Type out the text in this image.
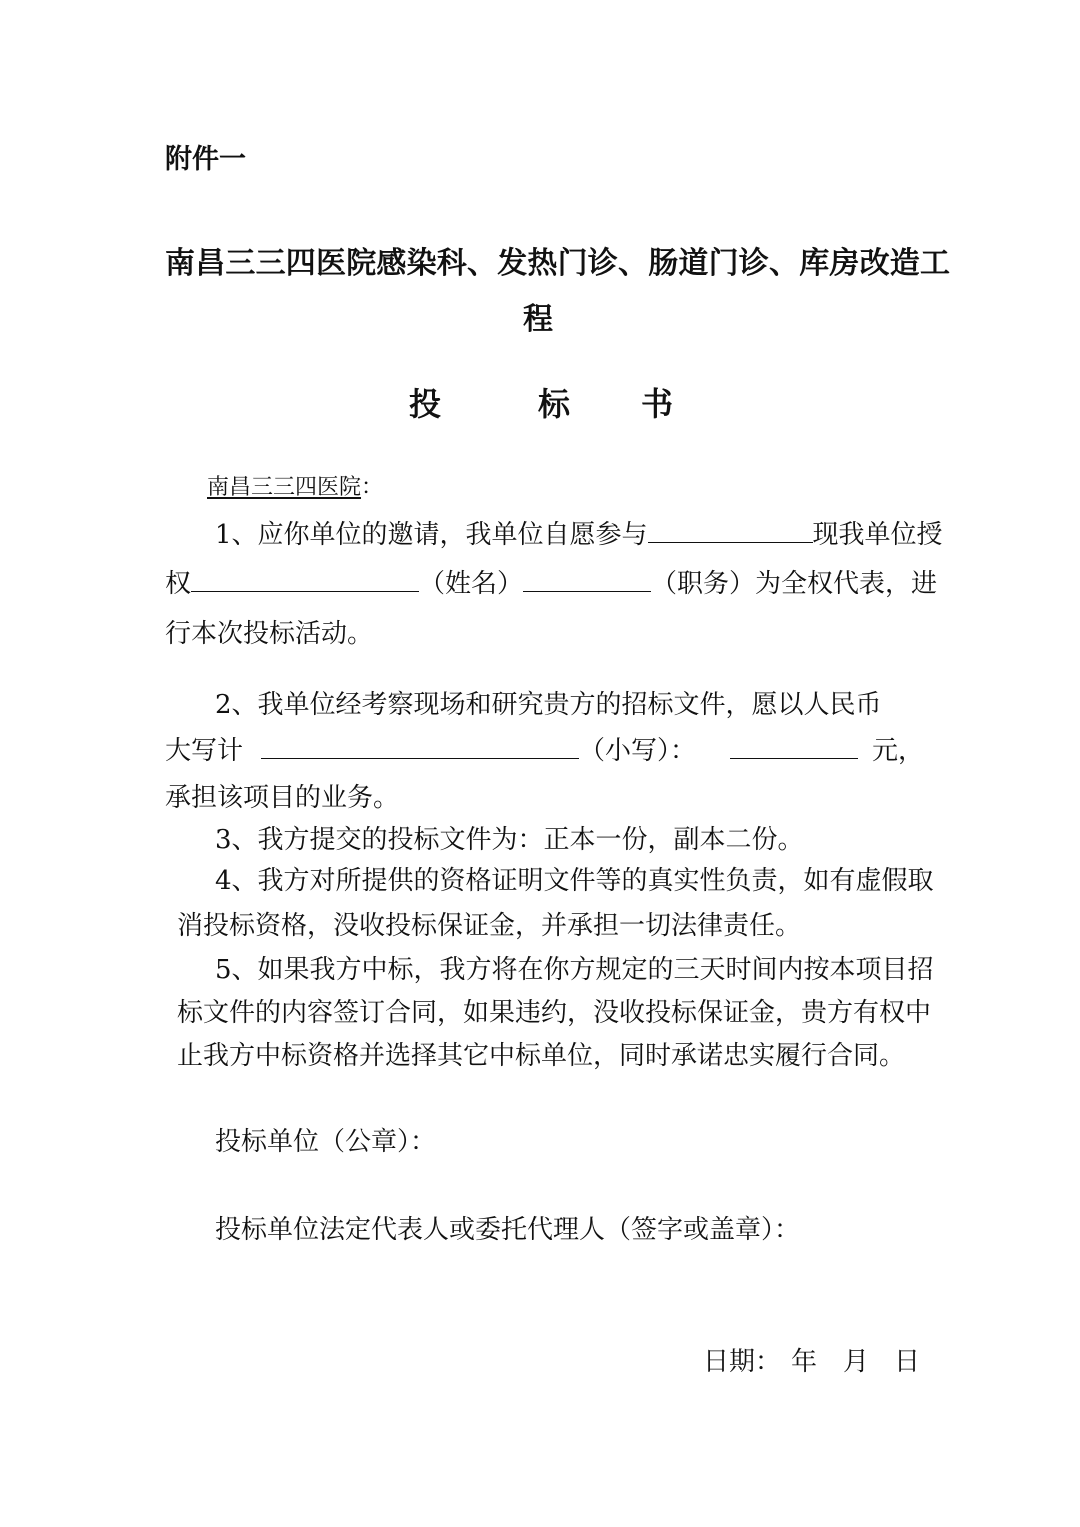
附件一
南昌三三四医院感染科、发热门诊、肠道门诊、库房改造工
程
投	标 书
南昌三三四医院：
1、应你单位的邀请，我单位自愿参与	现我单位授
权	（姓名）	（职务）为全权代表，进
行本次投标活动。
2、我单位经考察现场和研究贵方的招标文件，愿以人民币
大写计	（小写）：	元，
承担该项目的业务。
3、我方提交的投标文件为：正本一份，副本二份。
4、我方对所提供的资格证明文件等的真实性负责，如有虚假取
消投标资格，没收投标保证金，并承担一切法律责任。
5、如果我方中标，我方将在你方规定的三天时间内按本项目招
标文件的内容签订合同，如果违约，没收投标保证金，贵方有权中
止我方中标资格并选择其它中标单位，同时承诺忠实履行合同。
投标单位（公章）：
投标单位法定代表人或委托代理人（签字或盖章）：
日期： 年 月 日
